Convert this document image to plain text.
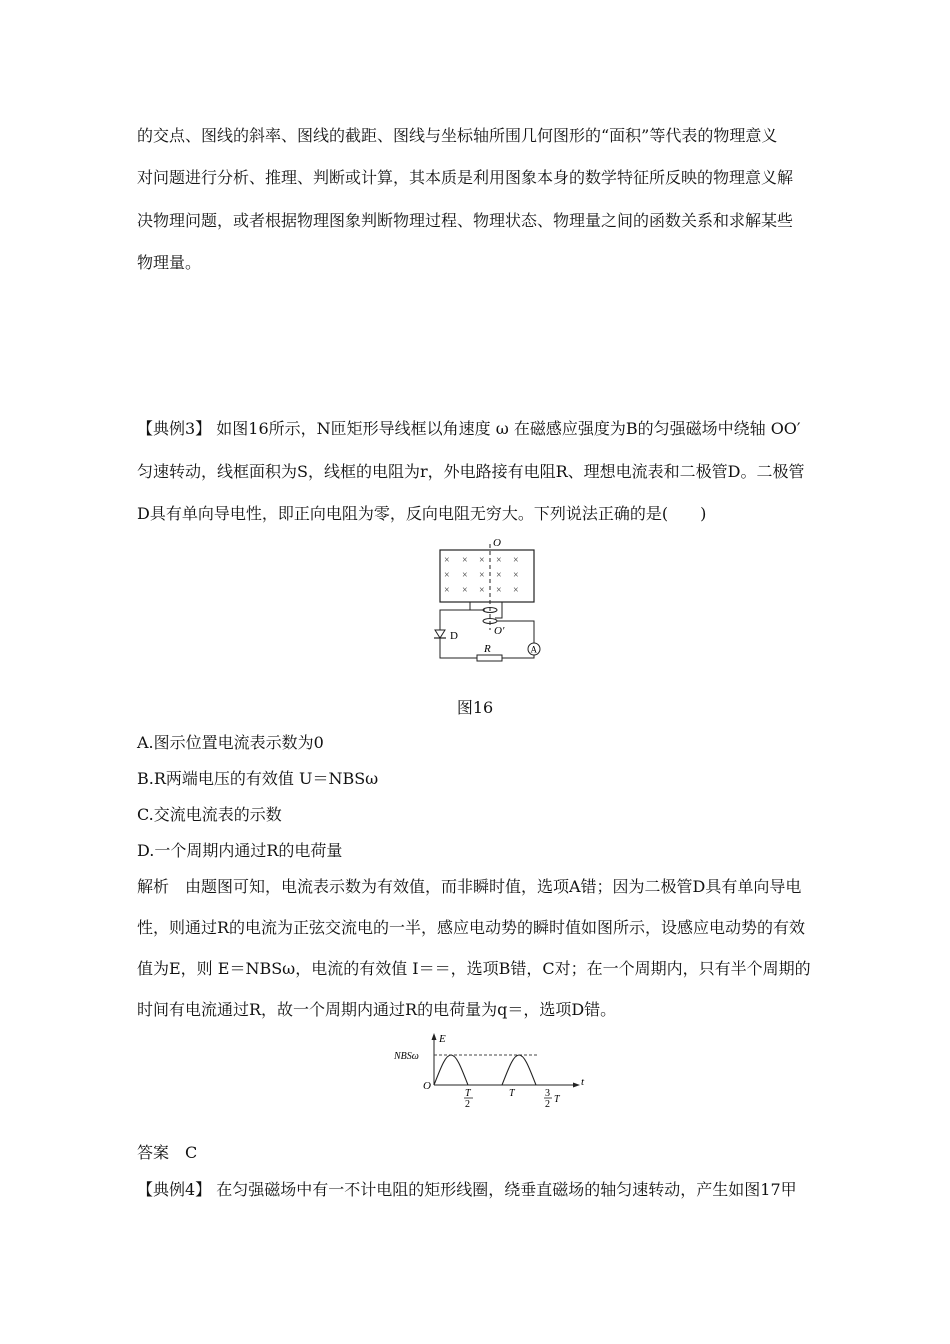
的交点、图线的斜率、图线的截距、图线与坐标轴所围几何图形的“面积”等代表的物理意义
对问题进行分析、推理、判断或计算，其本质是利用图象本身的数学特征所反映的物理意义解
决物理问题，或者根据物理图象判断物理过程、物理状态、物理量之间的函数关系和求解某些
物理量。
【典例3】 如图16所示，N匝矩形导线框以角速度 ω 在磁感应强度为B的匀强磁场中绕轴 OO′
匀速转动，线框面积为S，线框的电阻为r，外电路接有电阻R、理想电流表和二极管D。二极管
D具有单向导电性，即正向电阻为零，反向电阻无穷大。下列说法正确的是(　　)
O
× × × × ×
× × × × ×
× × × × ×
O′
D
R	A
图16
A.图示位置电流表示数为0
B.R两端电压的有效值 U＝NBSω
C.交流电流表的示数
D.一个周期内通过R的电荷量
解析　由题图可知，电流表示数为有效值，而非瞬时值，选项A错；因为二极管D具有单向导电
性，则通过R的电流为正弦交流电的一半，感应电动势的瞬时值如图所示，设感应电动势的有效
值为E，则 E＝NBSω，电流的有效值 I＝＝，选项B错，C对；在一个周期内，只有半个周期的
时间有电流通过R，故一个周期内通过R的电荷量为q＝，选项D错。
E
t
O
NBSω
T
2
T	3
2 T
答案　C
【典例4】 在匀强磁场中有一不计电阻的矩形线圈，绕垂直磁场的轴匀速转动，产生如图17甲
